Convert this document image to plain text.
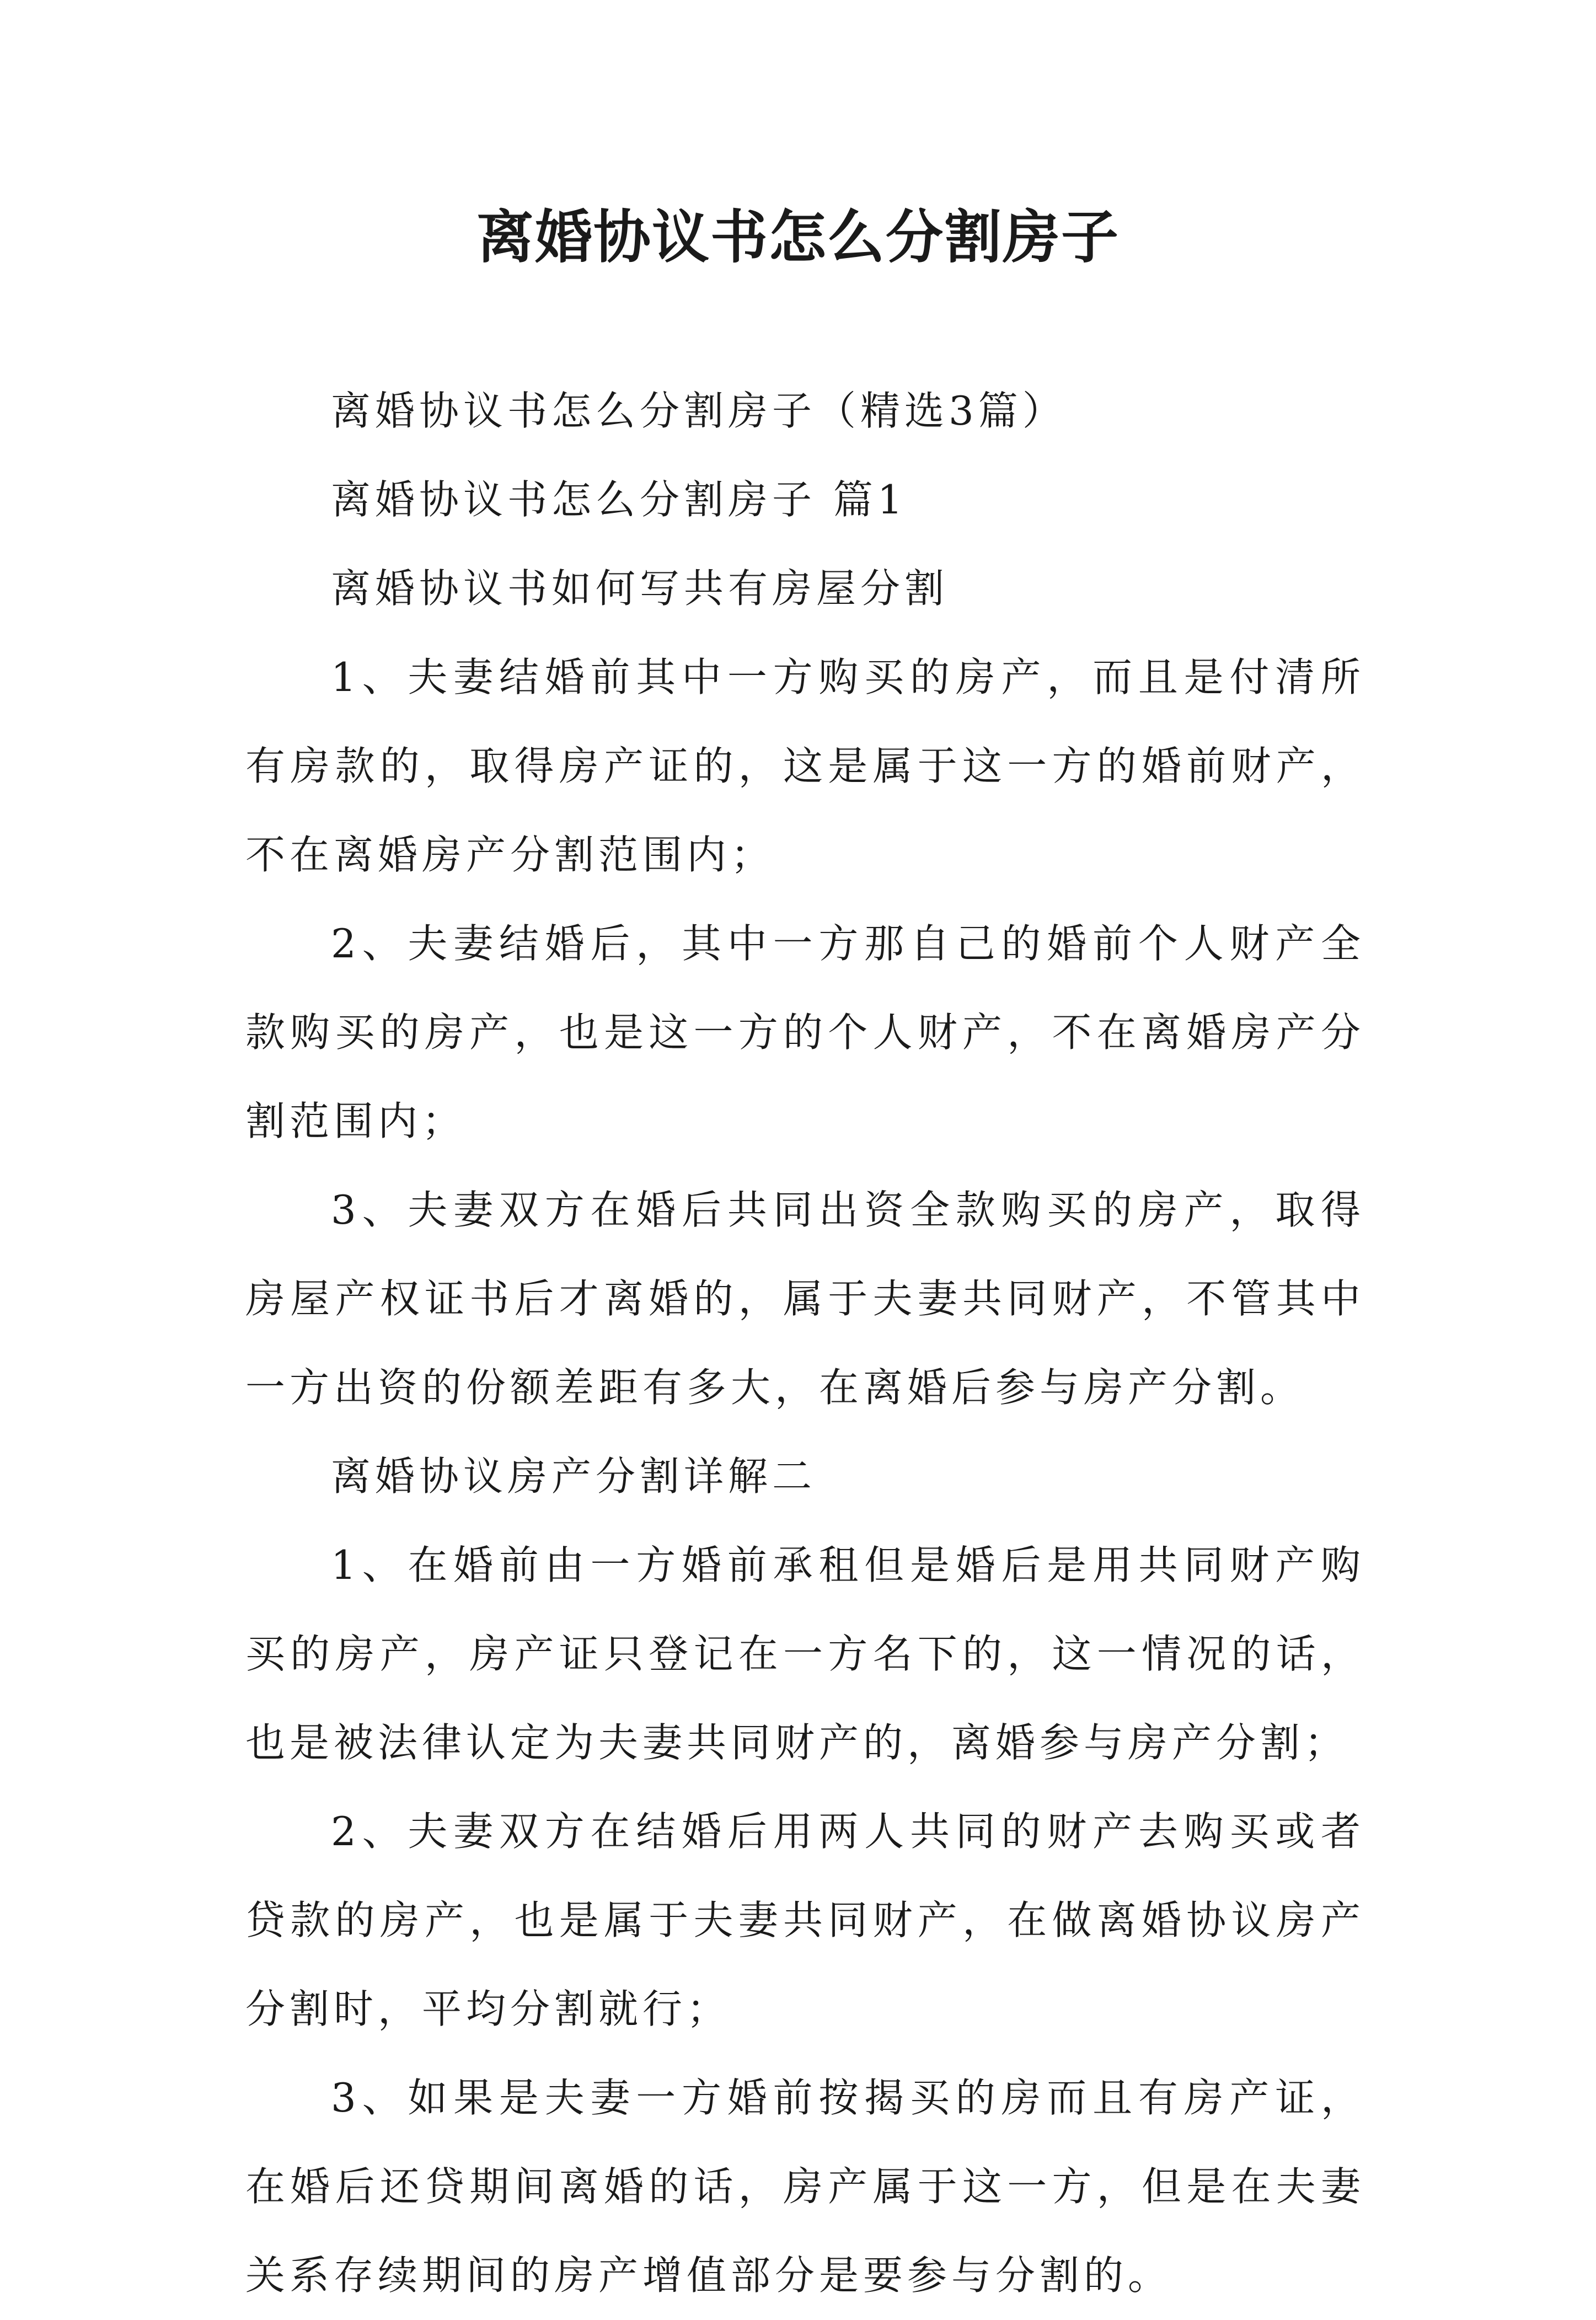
离婚协议书怎么分割房子

离婚协议书怎么分割房子（精选3篇）

离婚协议书怎么分割房子 篇1

离婚协议书如何写共有房屋分割

1、夫妻结婚前其中一方购买的房产，而且是付清所有房款的，取得房产证的，这是属于这一方的婚前财产，不在离婚房产分割范围内；

2、夫妻结婚后，其中一方那自己的婚前个人财产全款购买的房产，也是这一方的个人财产，不在离婚房产分割范围内；

3、夫妻双方在婚后共同出资全款购买的房产，取得房屋产权证书后才离婚的，属于夫妻共同财产，不管其中一方出资的份额差距有多大，在离婚后参与房产分割。

离婚协议房产分割详解二

1、在婚前由一方婚前承租但是婚后是用共同财产购买的房产，房产证只登记在一方名下的，这一情况的话，也是被法律认定为夫妻共同财产的，离婚参与房产分割；

2、夫妻双方在结婚后用两人共同的财产去购买或者贷款的房产，也是属于夫妻共同财产，在做离婚协议房产分割时，平均分割就行；

3、如果是夫妻一方婚前按揭买的房而且有房产证，在婚后还贷期间离婚的话，房产属于这一方，但是在夫妻关系存续期间的房产增值部分是要参与分割的。
